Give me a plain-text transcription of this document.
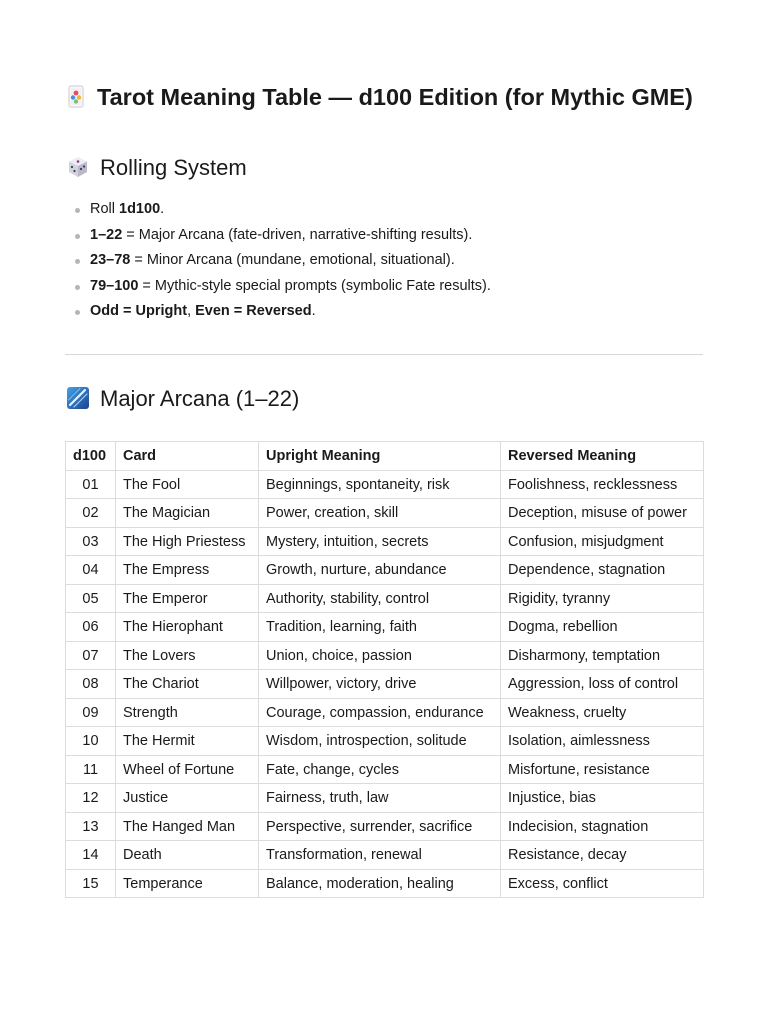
Tarot Meaning Table — d100 Edition (for Mythic GME)
Rolling System
Roll 1d100.
1–22 = Major Arcana (fate-driven, narrative-shifting results).
23–78 = Minor Arcana (mundane, emotional, situational).
79–100 = Mythic-style special prompts (symbolic Fate results).
Odd = Upright, Even = Reversed.
Major Arcana (1–22)
d100	Card	Upright Meaning	Reversed Meaning
01	The Fool	Beginnings, spontaneity, risk	Foolishness, recklessness
02	The Magician	Power, creation, skill	Deception, misuse of power
03	The High Priestess	Mystery, intuition, secrets	Confusion, misjudgment
04	The Empress	Growth, nurture, abundance	Dependence, stagnation
05	The Emperor	Authority, stability, control	Rigidity, tyranny
06	The Hierophant	Tradition, learning, faith	Dogma, rebellion
07	The Lovers	Union, choice, passion	Disharmony, temptation
08	The Chariot	Willpower, victory, drive	Aggression, loss of control
09	Strength	Courage, compassion, endurance	Weakness, cruelty
10	The Hermit	Wisdom, introspection, solitude	Isolation, aimlessness
11	Wheel of Fortune	Fate, change, cycles	Misfortune, resistance
12	Justice	Fairness, truth, law	Injustice, bias
13	The Hanged Man	Perspective, surrender, sacrifice	Indecision, stagnation
14	Death	Transformation, renewal	Resistance, decay
15	Temperance	Balance, moderation, healing	Excess, conflict
